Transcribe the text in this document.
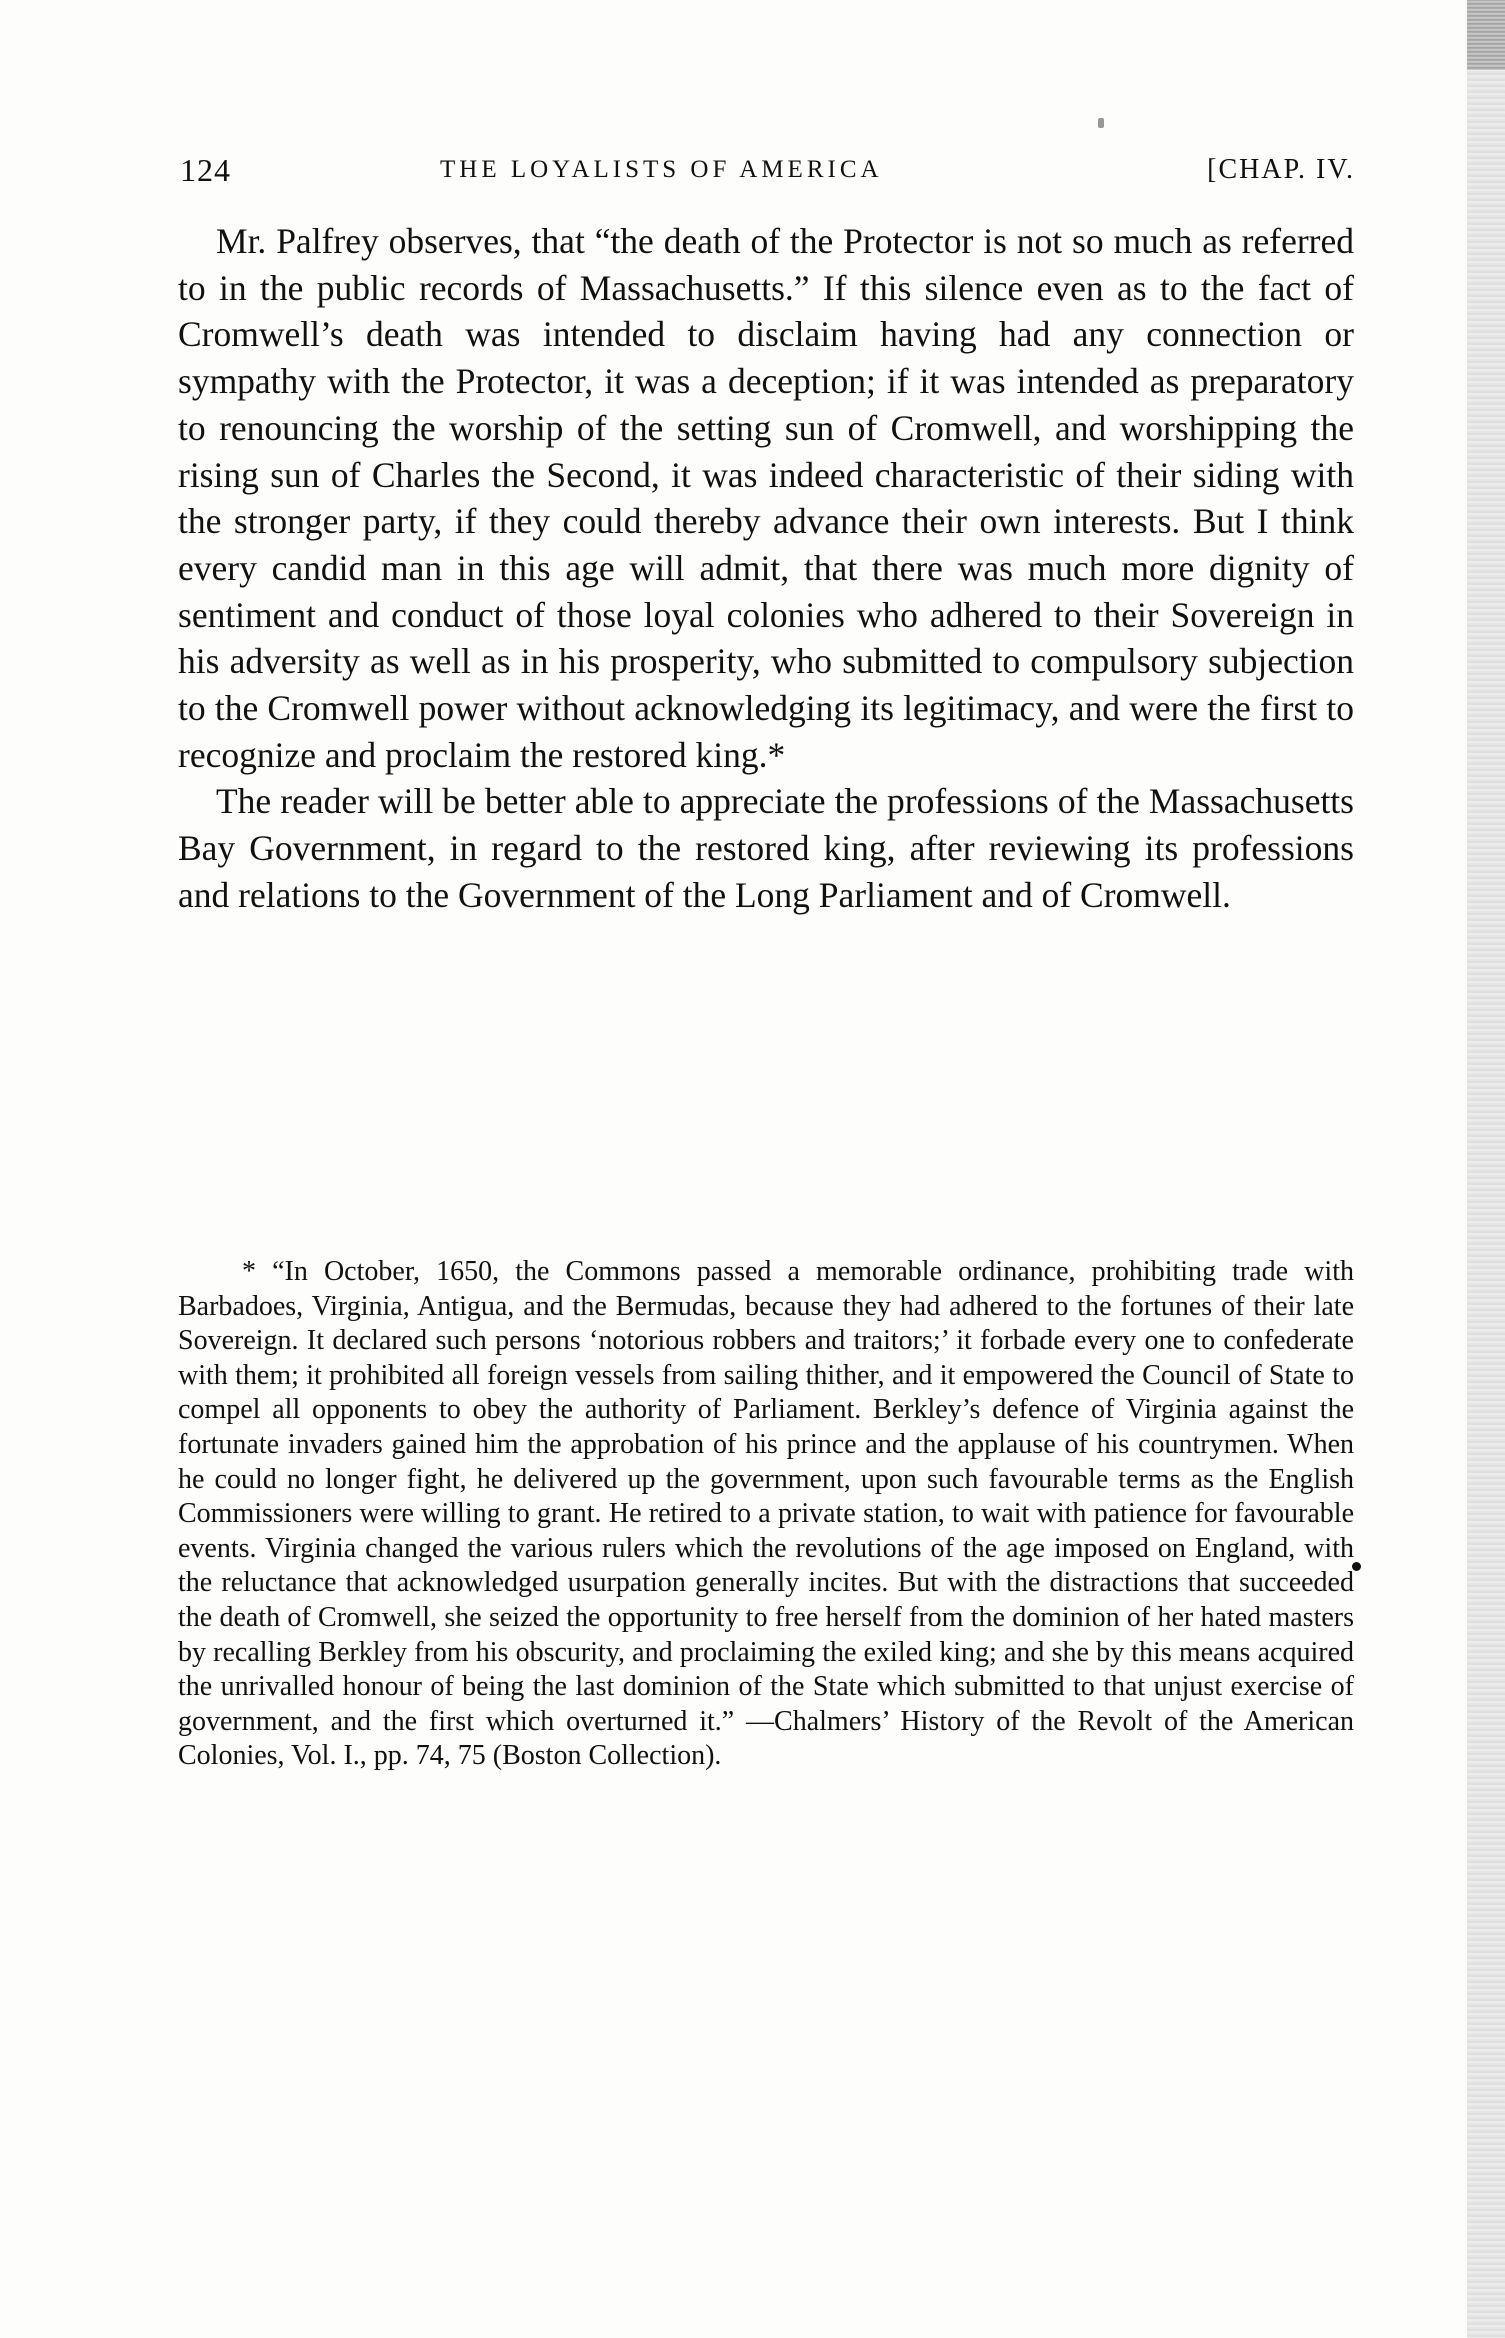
124	THE LOYALISTS OF AMERICA	[CHAP. IV.

Mr. Palfrey observes, that “the death of the Protector is not so much as referred to in the public records of Massachusetts.” If this silence even as to the fact of Cromwell’s death was intended to disclaim having had any connection or sympathy with the Protector, it was a deception; if it was intended as preparatory to renouncing the worship of the setting sun of Cromwell, and worshipping the rising sun of Charles the Second, it was indeed characteristic of their siding with the stronger party, if they could thereby advance their own interests. But I think every candid man in this age will admit, that there was much more dignity of sentiment and conduct of those loyal colonies who adhered to their Sovereign in his adversity as well as in his prosperity, who submitted to compulsory subjection to the Cromwell power without acknowledging its legitimacy, and were the first to recognize and proclaim the restored king.*

The reader will be better able to appreciate the professions of the Massachusetts Bay Government, in regard to the restored king, after reviewing its professions and relations to the Government of the Long Parliament and of Cromwell.

* “In October, 1650, the Commons passed a memorable ordinance, prohibiting trade with Barbadoes, Virginia, Antigua, and the Bermudas, because they had adhered to the fortunes of their late Sovereign. It declared such persons ‘notorious robbers and traitors;’ it forbade every one to confederate with them; it prohibited all foreign vessels from sailing thither, and it empowered the Council of State to compel all opponents to obey the authority of Parliament. Berkley’s defence of Virginia against the fortunate invaders gained him the approbation of his prince and the applause of his countrymen. When he could no longer fight, he delivered up the government, upon such favourable terms as the English Commissioners were willing to grant. He retired to a private station, to wait with patience for favourable events. Virginia changed the various rulers which the revolutions of the age imposed on England, with the reluctance that acknowledged usurpation generally incites. But with the distractions that succeeded the death of Cromwell, she seized the opportunity to free herself from the dominion of her hated masters by recalling Berkley from his obscurity, and proclaiming the exiled king; and she by this means acquired the unrivalled honour of being the last dominion of the State which submitted to that unjust exercise of government, and the first which overturned it.” —Chalmers’ History of the Revolt of the American Colonies, Vol. I., pp. 74, 75 (Boston Collection).
